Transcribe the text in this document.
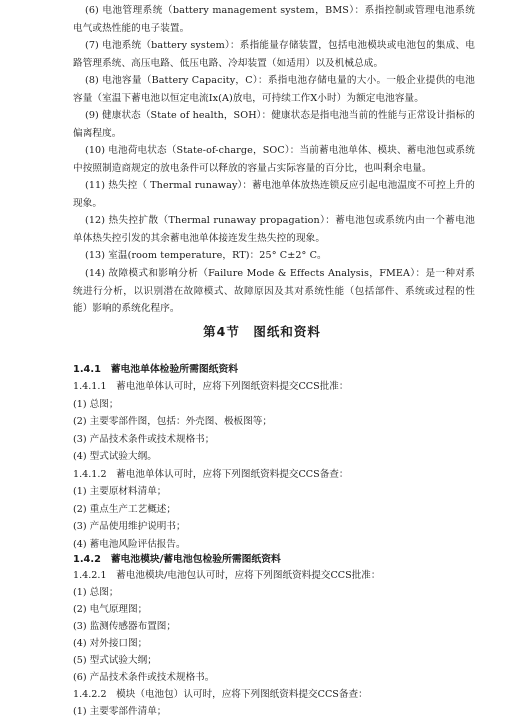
(6) 电池管理系统（battery management system，BMS）：系指控制或管理电池系统电气或热性能的电子装置。

(7) 电池系统（battery system）：系指能量存储装置，包括电池模块或电池包的集成、电路管理系统、高压电路、低压电路、冷却装置（如适用）以及机械总成。

(8) 电池容量（Battery Capacity，C）：系指电池存储电量的大小。一般企业提供的电池容量（室温下蓄电池以恒定电流Ix(A)放电，可持续工作X小时）为额定电池容量。

(9) 健康状态（State of health，SOH）：健康状态是指电池当前的性能与正常设计指标的偏离程度。

(10) 电池荷电状态（State-of-charge，SOC）：当前蓄电池单体、模块、蓄电池包或系统中按照制造商规定的放电条件可以释放的容量占实际容量的百分比，也叫剩余电量。

(11) 热失控（ Thermal runaway）：蓄电池单体放热连锁反应引起电池温度不可控上升的现象。

(12) 热失控扩散（Thermal runaway propagation）：蓄电池包或系统内由一个蓄电池单体热失控引发的其余蓄电池单体接连发生热失控的现象。

(13) 室温(room temperature，RT)：25° C±2° C。

(14) 故障模式和影响分析（Failure Mode & Effects Analysis，FMEA）：是一种对系统进行分析，以识别潜在故障模式、故障原因及其对系统性能（包括部件、系统或过程的性能）影响的系统化程序。

第4节　图纸和资料
1.4.1　蓄电池单体检验所需图纸资料
1.4.1.1　蓄电池单体认可时，应将下列图纸资料提交CCS批准：
(1) 总图；
(2) 主要零部件图，包括：外壳图、极板图等；
(3) 产品技术条件或技术规格书；
(4) 型式试验大纲。
1.4.1.2　蓄电池单体认可时，应将下列图纸资料提交CCS备查：
(1) 主要原材料清单；
(2) 重点生产工艺概述；
(3) 产品使用维护说明书；
(4) 蓄电池风险评估报告。
1.4.2　蓄电池模块/蓄电池包检验所需图纸资料
1.4.2.1　蓄电池模块/电池包认可时，应将下列图纸资料提交CCS批准：
(1) 总图；
(2) 电气原理图；
(3) 监测传感器布置图；
(4) 对外接口图；
(5) 型式试验大纲；
(6) 产品技术条件或技术规格书。
1.4.2.2　模块（电池包）认可时，应将下列图纸资料提交CCS备查：
(1) 主要零部件清单；
